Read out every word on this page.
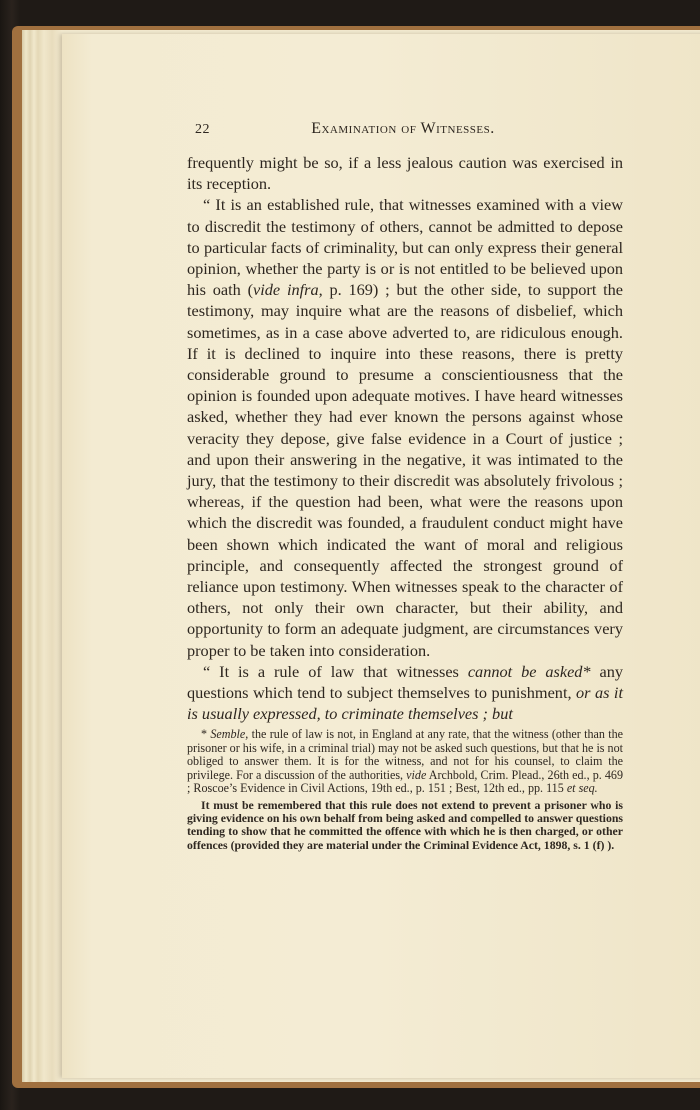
22	Examination of Witnesses.

frequently might be so, if a less jealous caution was exercised in its reception.

“ It is an established rule, that witnesses examined with a view to discredit the testimony of others, cannot be admitted to depose to particular facts of criminality, but can only express their general opinion, whether the party is or is not entitled to be believed upon his oath (vide infra, p. 169) ; but the other side, to support the testimony, may inquire what are the reasons of disbelief, which sometimes, as in a case above adverted to, are ridiculous enough. If it is declined to inquire into these reasons, there is pretty considerable ground to presume a conscientiousness that the opinion is founded upon adequate motives. I have heard witnesses asked, whether they had ever known the persons against whose veracity they depose, give false evidence in a Court of justice ; and upon their answering in the negative, it was intimated to the jury, that the testimony to their discredit was absolutely frivolous ; whereas, if the question had been, what were the reasons upon which the discredit was founded, a fraudulent conduct might have been shown which indicated the want of moral and religious principle, and consequently affected the strongest ground of reliance upon testimony. When witnesses speak to the character of others, not only their own character, but their ability, and opportunity to form an adequate judgment, are circumstances very proper to be taken into consideration.

“ It is a rule of law that witnesses cannot be asked* any questions which tend to subject themselves to punishment, or as it is usually expressed, to criminate themselves ; but

* Semble, the rule of law is not, in England at any rate, that the witness (other than the prisoner or his wife, in a criminal trial) may not be asked such questions, but that he is not obliged to answer them. It is for the witness, and not for his counsel, to claim the privilege. For a discussion of the authorities, vide Archbold, Crim. Plead., 26th ed., p. 469 ; Roscoe’s Evidence in Civil Actions, 19th ed., p. 151 ; Best, 12th ed., pp. 115 et seq.

It must be remembered that this rule does not extend to prevent a prisoner who is giving evidence on his own behalf from being asked and compelled to answer questions tending to show that he committed the offence with which he is then charged, or other offences (provided they are material under the Criminal Evidence Act, 1898, s. 1 (f) ).
